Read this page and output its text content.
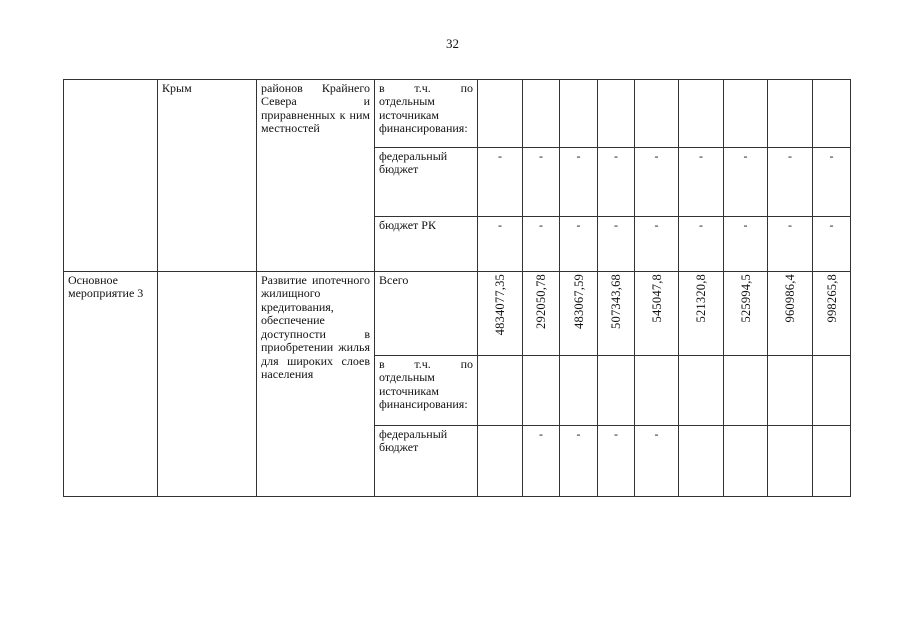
32
	Крым	районов Крайнего Севера и приравненных к ним местностей	в т.ч. по отдельным источникам финансирования:									
			федеральный бюджет	-	-	-	-	-	-	-	-	-
			бюджет РК	-	-	-	-	-	-	-	-	-
Основное мероприятие 3		Развитие ипотечного жилищного кредитования, обеспечение доступности в приобретении жилья для широких слоев населения	Всего	4834077,35	292050,78	483067,59	507343,68	545047,8	521320,8	525994,5	960986,4	998265,8
			в т.ч. по отдельным источникам финансирования:									
			федеральный бюджет		-	-	-	-				
